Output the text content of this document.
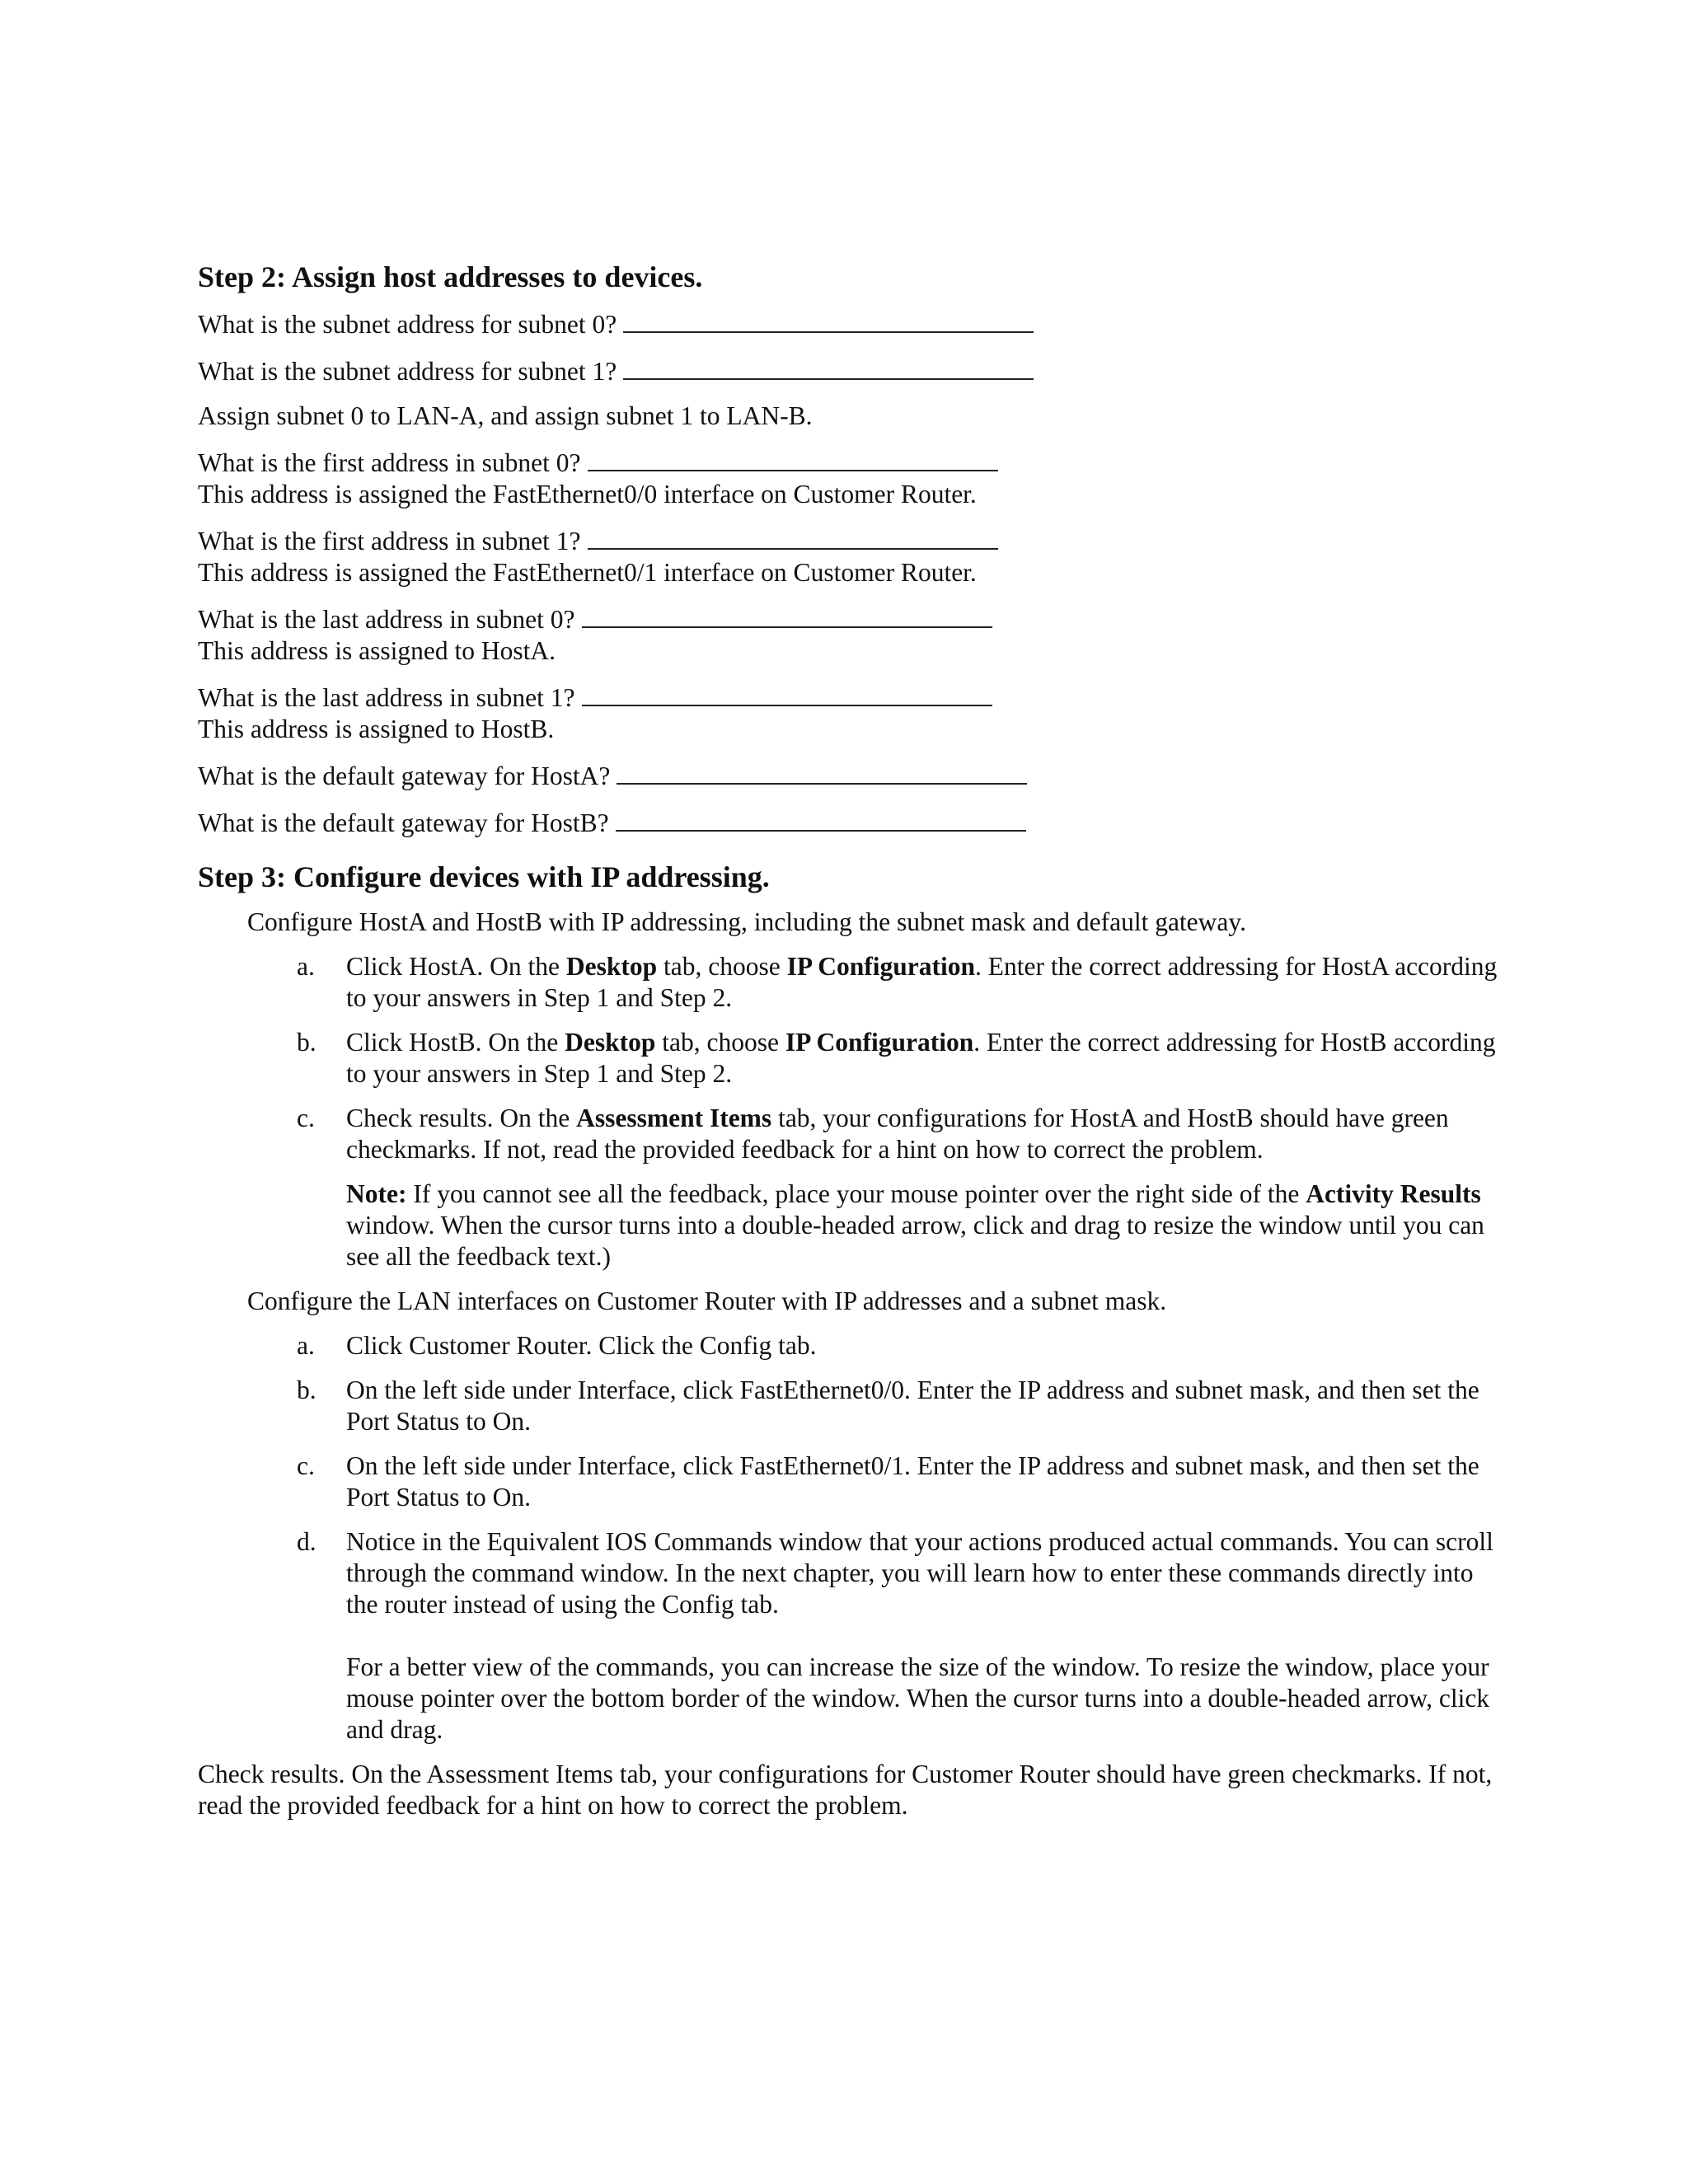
Step 2: Assign host addresses to devices.
What is the subnet address for subnet 0?
What is the subnet address for subnet 1?

Assign subnet 0 to LAN-A, and assign subnet 1 to LAN-B.

What is the first address in subnet 0?
This address is assigned the FastEthernet0/0 interface on Customer Router.
What is the first address in subnet 1?
This address is assigned the FastEthernet0/1 interface on Customer Router.
What is the last address in subnet 0?
This address is assigned to HostA.
What is the last address in subnet 1?
This address is assigned to HostB.
What is the default gateway for HostA?
What is the default gateway for HostB?
Step 3: Configure devices with IP addressing.

Configure HostA and HostB with IP addressing, including the subnet mask and default gateway.

a. Click HostA. On the Desktop tab, choose IP Configuration. Enter the correct addressing for HostA according to your answers in Step 1 and Step 2.
b. Click HostB. On the Desktop tab, choose IP Configuration. Enter the correct addressing for HostB according to your answers in Step 1 and Step 2.
c. Check results. On the Assessment Items tab, your configurations for HostA and HostB should have green checkmarks. If not, read the provided feedback for a hint on how to correct the problem.
Note: If you cannot see all the feedback, place your mouse pointer over the right side of the Activity Results window. When the cursor turns into a double-headed arrow, click and drag to resize the window until you can see all the feedback text.)

Configure the LAN interfaces on Customer Router with IP addresses and a subnet mask.

a. Click Customer Router. Click the Config tab.
b. On the left side under Interface, click FastEthernet0/0. Enter the IP address and subnet mask, and then set the Port Status to On.
c. On the left side under Interface, click FastEthernet0/1. Enter the IP address and subnet mask, and then set the Port Status to On.
d. Notice in the Equivalent IOS Commands window that your actions produced actual commands. You can scroll through the command window. In the next chapter, you will learn how to enter these commands directly into the router instead of using the Config tab.
For a better view of the commands, you can increase the size of the window. To resize the window, place your mouse pointer over the bottom border of the window. When the cursor turns into a double-headed arrow, click and drag.

Check results. On the Assessment Items tab, your configurations for Customer Router should have green checkmarks. If not, read the provided feedback for a hint on how to correct the problem.
